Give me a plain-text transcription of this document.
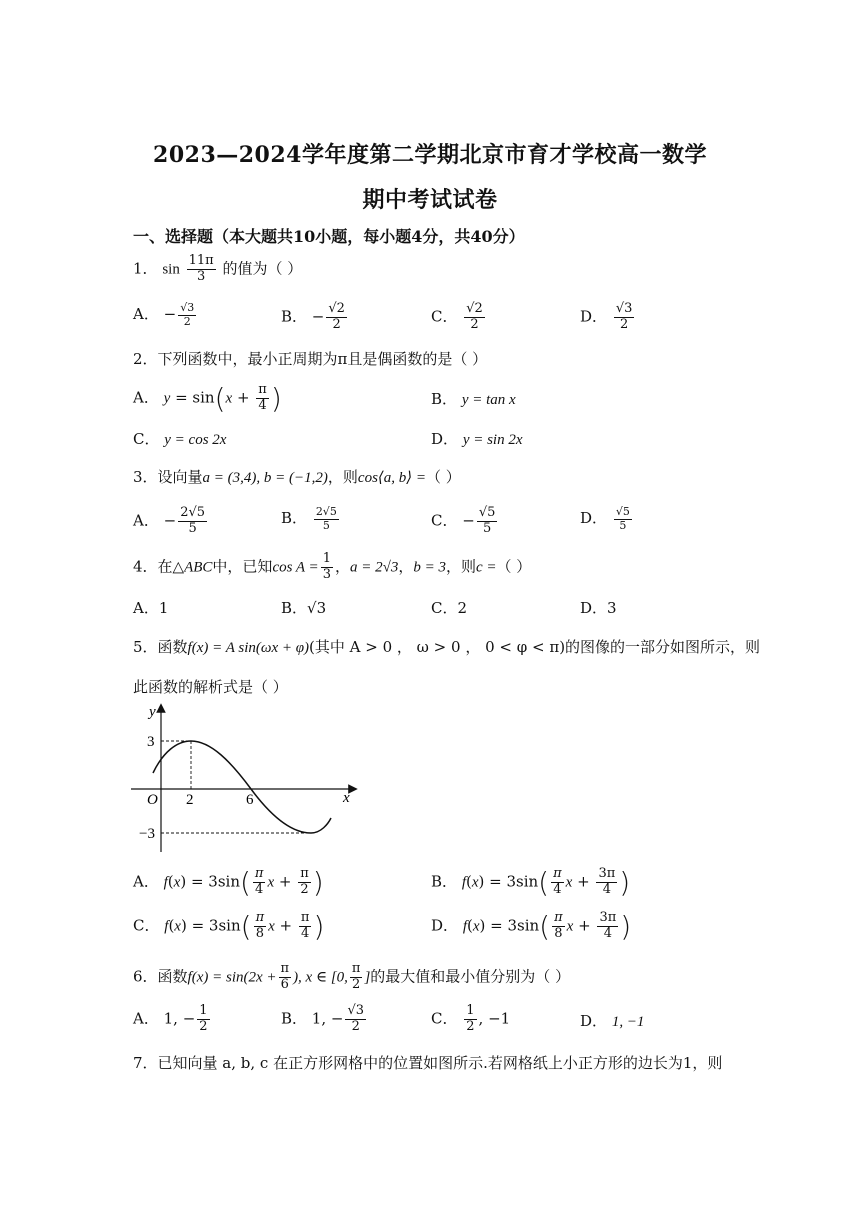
2023—2024学年度第二学期北京市育才学校高一数学
期中考试试卷
一、选择题（本大题共10小题，每小题4分，共40分）
1． $\sin \frac{11\pi}{3}$ 的值为（ ）
A． − $\frac{√3}{2}$	B． − $\frac{√2}{2}$	C． $\frac{√2}{2}$	D． $\frac{√3}{2}$
2．下列函数中，最小正周期为π且是偶函数的是（ ）
A． $y = \sin(x + \frac{\pi}{4}$ )	B． y = tan x
C． y = cos 2x	D． y = sin 2x
3．设向量a = (3,4), b = (−1,2)，则cos⟨a, b⟩ =（ ）
A． − $\frac{2√5}{5}$	B． $\frac{2√5}{5}$	C． − $\frac{√5}{5}$	D． $\frac{√5}{5}$
4．在△ABC中，已知$\cos A = \frac{1}{3}$ ，a = 2√3，b = 3，则c =（ ）
A．1	B．√3	C．2	D．3
5．函数f(x) = A sin(ωx + φ)(其中 A > 0 ， ω > 0 ， 0 < φ < π)的图像的一部分如图所示，则
此函数的解析式是（ ）
y
x
O 2	6
3
−3
A． $f(x) = 3\sin( \frac{\pi}{4}$ $x + \frac{\pi}{2}$ )	B． $f(x) = 3\sin( \frac{\pi}{4}$ $x + \frac{3\pi}{4}$ )
C． $f(x) = 3\sin( \frac{\pi}{8}$ $x + \frac{\pi}{4}$ )	D． $f(x) = 3\sin( \frac{\pi}{8}$ $x + \frac{3\pi}{4}$ )
6．函数$f(x) = \sin(2x + \frac{\pi}{6}$ ), x ∈ [0, $\frac{\pi}{2}$ ]的最大值和最小值分别为（ ）
A． 1, − $\frac{1}{2}$	B． 1, − $\frac{√3}{2}$	C． $\frac{1}{2}$ , −1	D． 1, −1
7．已知向量 a, b, c 在正方形网格中的位置如图所示.若网格纸上小正方形的边长为1，则
